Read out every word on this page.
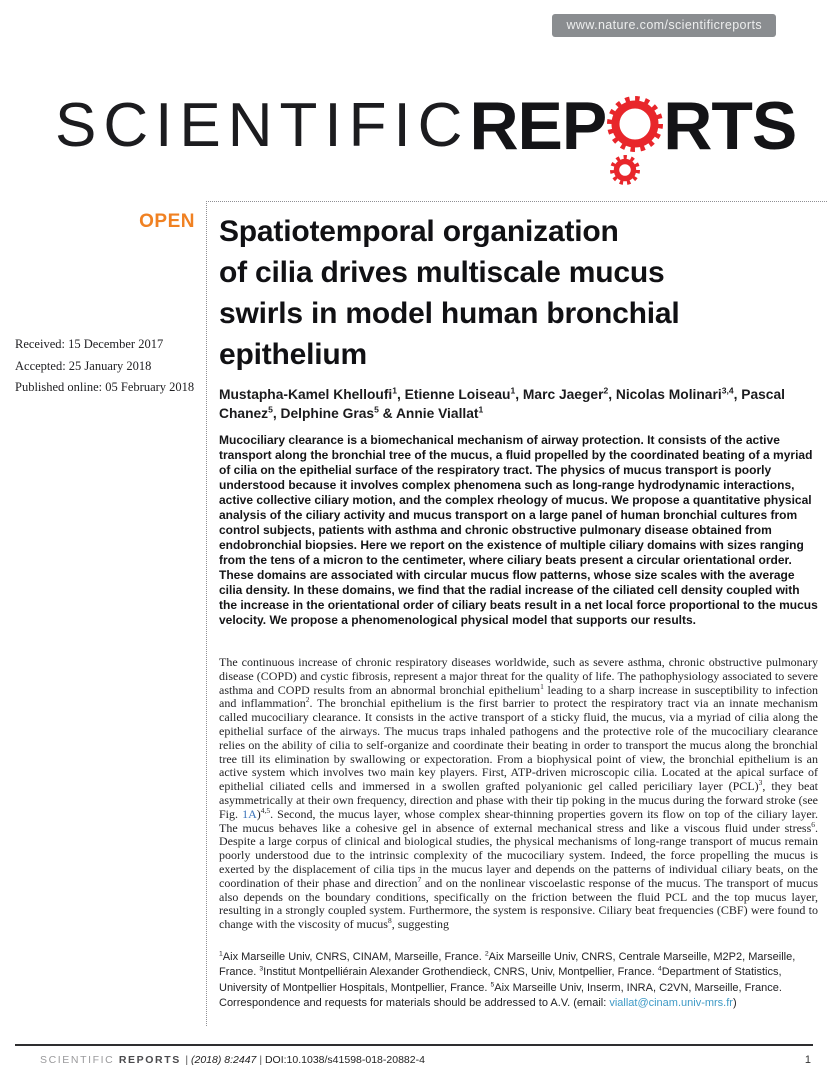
www.nature.com/scientificreports
SCIENTIFIC REP RTS
OPEN
Received: 15 December 2017
Accepted: 25 January 2018
Published online: 05 February 2018
Spatiotemporal organization
of cilia drives multiscale mucus
swirls in model human bronchial
epithelium

Mustapha-Kamel Khelloufi$^1$, Etienne Loiseau$^1$, Marc Jaeger$^2$, Nicolas Molinari$^{3,4}$, Pascal Chanez$^5$, Delphine Gras$^5$ & Annie Viallat$^1$

Mucociliary clearance is a biomechanical mechanism of airway protection. It consists of the active transport along the bronchial tree of the mucus, a fluid propelled by the coordinated beating of a myriad of cilia on the epithelial surface of the respiratory tract. The physics of mucus transport is poorly understood because it involves complex phenomena such as long-range hydrodynamic interactions, active collective ciliary motion, and the complex rheology of mucus. We propose a quantitative physical analysis of the ciliary activity and mucus transport on a large panel of human bronchial cultures from control subjects, patients with asthma and chronic obstructive pulmonary disease obtained from endobronchial biopsies. Here we report on the existence of multiple ciliary domains with sizes ranging from the tens of a micron to the centimeter, where ciliary beats present a circular orientational order. These domains are associated with circular mucus flow patterns, whose size scales with the average cilia density. In these domains, we find that the radial increase of the ciliated cell density coupled with the increase in the orientational order of ciliary beats result in a net local force proportional to the mucus velocity. We propose a phenomenological physical model that supports our results.

The continuous increase of chronic respiratory diseases worldwide, such as severe asthma, chronic obstructive pulmonary disease (COPD) and cystic fibrosis, represent a major threat for the quality of life. The pathophysiology associated to severe asthma and COPD results from an abnormal bronchial epithelium$^1$ leading to a sharp increase in susceptibility to infection and inflammation$^2$. The bronchial epithelium is the first barrier to protect the respiratory tract via an innate mechanism called mucociliary clearance. It consists in the active transport of a sticky fluid, the mucus, via a myriad of cilia along the epithelial surface of the airways. The mucus traps inhaled pathogens and the protective role of the mucociliary clearance relies on the ability of cilia to self-organize and coordinate their beating in order to transport the mucus along the bronchial tree till its elimination by swallowing or expectoration. From a biophysical point of view, the bronchial epithelium is an active system which involves two main key players. First, ATP-driven microscopic cilia. Located at the apical surface of epithelial ciliated cells and immersed in a swollen grafted polyanionic gel called periciliary layer (PCL)$^3$, they beat asymmetrically at their own frequency, direction and phase with their tip poking in the mucus during the forward stroke (see Fig. 1A)$^{4,5}$. Second, the mucus layer, whose complex shear-thinning properties govern its flow on top of the ciliary layer. The mucus behaves like a cohesive gel in absence of external mechanical stress and like a viscous fluid under stress$^6$. Despite a large corpus of clinical and biological studies, the physical mechanisms of long-range transport of mucus remain poorly understood due to the intrinsic complexity of the mucociliary system. Indeed, the force propelling the mucus is exerted by the displacement of cilia tips in the mucus layer and depends on the patterns of individual ciliary beats, on the coordination of their phase and direction$^7$ and on the nonlinear viscoelastic response of the mucus. The transport of mucus also depends on the boundary conditions, specifically on the friction between the fluid PCL and the top mucus layer, resulting in a strongly coupled system. Furthermore, the system is responsive. Ciliary beat frequencies (CBF) were found to change with the viscosity of mucus$^8$, suggesting

$^1$Aix Marseille Univ, CNRS, CINAM, Marseille, France. $^2$Aix Marseille Univ, CNRS, Centrale Marseille, M2P2, Marseille, France. $^3$Institut Montpelliérain Alexander Grothendieck, CNRS, Univ, Montpellier, France. $^4$Department of Statistics, University of Montpellier Hospitals, Montpellier, France. $^5$Aix Marseille Univ, Inserm, INRA, C2VN, Marseille, France. Correspondence and requests for materials should be addressed to A.V. (email: viallat@cinam.univ-mrs.fr)

SCIENTIFIC REPORTS | (2018) 8:2447 | DOI:10.1038/s41598-018-20882-4	1
